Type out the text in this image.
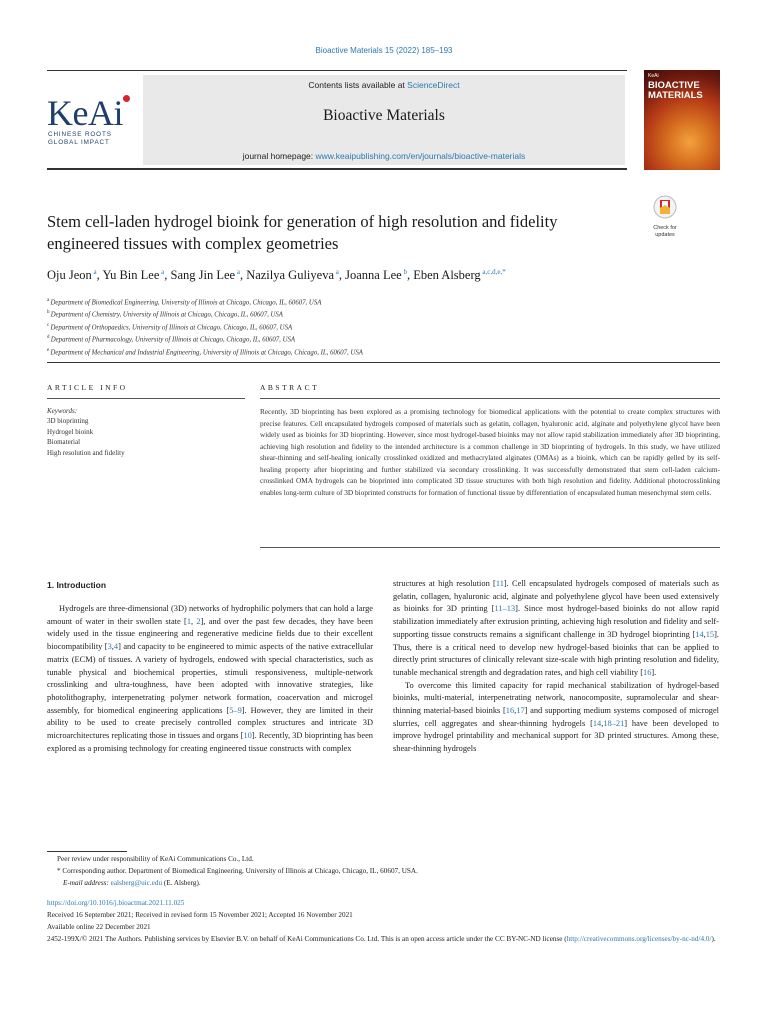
Bioactive Materials 15 (2022) 185–193
KeAi
CHINESE ROOTS
GLOBAL IMPACT
Contents lists available at ScienceDirect
Bioactive Materials
journal homepage: www.keaipublishing.com/en/journals/bioactive-materials
KeAi
BIOACTIVE MATERIALS
Stem cell-laden hydrogel bioink for generation of high resolution and fidelity engineered tissues with complex geometries
Check for
updates
Oju Jeon $^a$, Yu Bin Lee $^a$, Sang Jin Lee $^a$, Nazilya Guliyeva $^a$, Joanna Lee $^b$, Eben Alsberg $^{a,c,d,e,*}$
$^a$ Department of Biomedical Engineering, University of Illinois at Chicago, Chicago, IL, 60607, USA
$^b$ Department of Chemistry, University of Illinois at Chicago, Chicago, IL, 60607, USA
$^c$ Department of Orthopaedics, University of Illinois at Chicago, Chicago, IL, 60607, USA
$^d$ Department of Pharmacology, University of Illinois at Chicago, Chicago, IL, 60607, USA
$^e$ Department of Mechanical and Industrial Engineering, University of Illinois at Chicago, Chicago, IL, 60607, USA
ARTICLE INFO	ABSTRACT
Keywords:
3D bioprinting
Hydrogel bioink
Biomaterial
High resolution and fidelity
Recently, 3D bioprinting has been explored as a promising technology for biomedical applications with the potential to create complex structures with precise features. Cell encapsulated hydrogels composed of materials such as gelatin, collagen, hyaluronic acid, alginate and polyethylene glycol have been widely used as bioinks for 3D bioprinting. However, since most hydrogel-based bioinks may not allow rapid stabilization immediately after 3D bioprinting, achieving high resolution and fidelity to the intended architecture is a common challenge in 3D bioprinting of hydrogels. In this study, we have utilized shear-thinning and self-healing ionically crosslinked oxidized and methacrylated alginates (OMAs) as a bioink, which can be rapidly gelled by its self-healing property after bioprinting and further stabilized via secondary crosslinking. It was successfully demonstrated that stem cell-laden calcium-crosslinked OMA hydrogels can be bioprinted into complicated 3D tissue structures with both high resolution and fidelity. Additional photocrosslinking enables long-term culture of 3D bioprinted constructs for formation of functional tissue by differentiation of encapsulated human mesenchymal stem cells.
1. Introduction

Hydrogels are three-dimensional (3D) networks of hydrophilic polymers that can hold a large amount of water in their swollen state [1, 2], and over the past few decades, they have been widely used in the tissue engineering and regenerative medicine fields due to their excellent biocompatibility [3,4] and capacity to be engineered to mimic aspects of the native extracellular matrix (ECM) of tissues. A variety of hydrogels, endowed with special characteristics, such as tunable physical and biochemical properties, stimuli responsiveness, multiple-network crosslinking and ultra-toughness, have been adopted with innovative strategies, like photolithography, interpenetrating polymer network formation, coacervation and microgel assembly, for biomedical engineering applications [5–9]. However, they are limited in their ability to be used to create precisely controlled complex structures and intricate 3D microarchitectures replicating those in tissues and organs [10]. Recently, 3D bioprinting has been explored as a promising technology for creating engineered tissue constructs with complex

structures at high resolution [11]. Cell encapsulated hydrogels composed of materials such as gelatin, collagen, hyaluronic acid, alginate and polyethylene glycol have been used extensively as bioinks for 3D printing [11–13]. Since most hydrogel-based bioinks do not allow rapid stabilization immediately after extrusion printing, achieving high resolution and fidelity and self-supporting tissue constructs remains a significant challenge in 3D hydrogel bioprinting [14,15]. Thus, there is a critical need to develop new hydrogel-based bioinks that can be applied to directly print structures of clinically relevant size-scale with high printing resolution and fidelity, tunable mechanical strength and degradation rates, and high cell viability [16].

To overcome this limited capacity for rapid mechanical stabilization of hydrogel-based bioinks, multi-material, interpenetrating network, nanocomposite, supramolecular and shear-thinning material-based bioinks [16,17] and supporting medium systems composed of microgel slurries, cell aggregates and shear-thinning hydrogels [14,18–21] have been developed to improve hydrogel printability and mechanical support for 3D printed structures. Among these, shear-thinning hydrogels

Peer review under responsibility of KeAi Communications Co., Ltd.
* Corresponding author. Department of Biomedical Engineering, University of Illinois at Chicago, Chicago, IL, 60607, USA.
E-mail address: ealsberg@uic.edu (E. Alsberg).
https://doi.org/10.1016/j.bioactmat.2021.11.025
Received 16 September 2021; Received in revised form 15 November 2021; Accepted 16 November 2021
Available online 22 December 2021
2452-199X/© 2021 The Authors. Publishing services by Elsevier B.V. on behalf of KeAi Communications Co. Ltd. This is an open access article under the CC BY-NC-ND license (http://creativecommons.org/licenses/by-nc-nd/4.0/).
